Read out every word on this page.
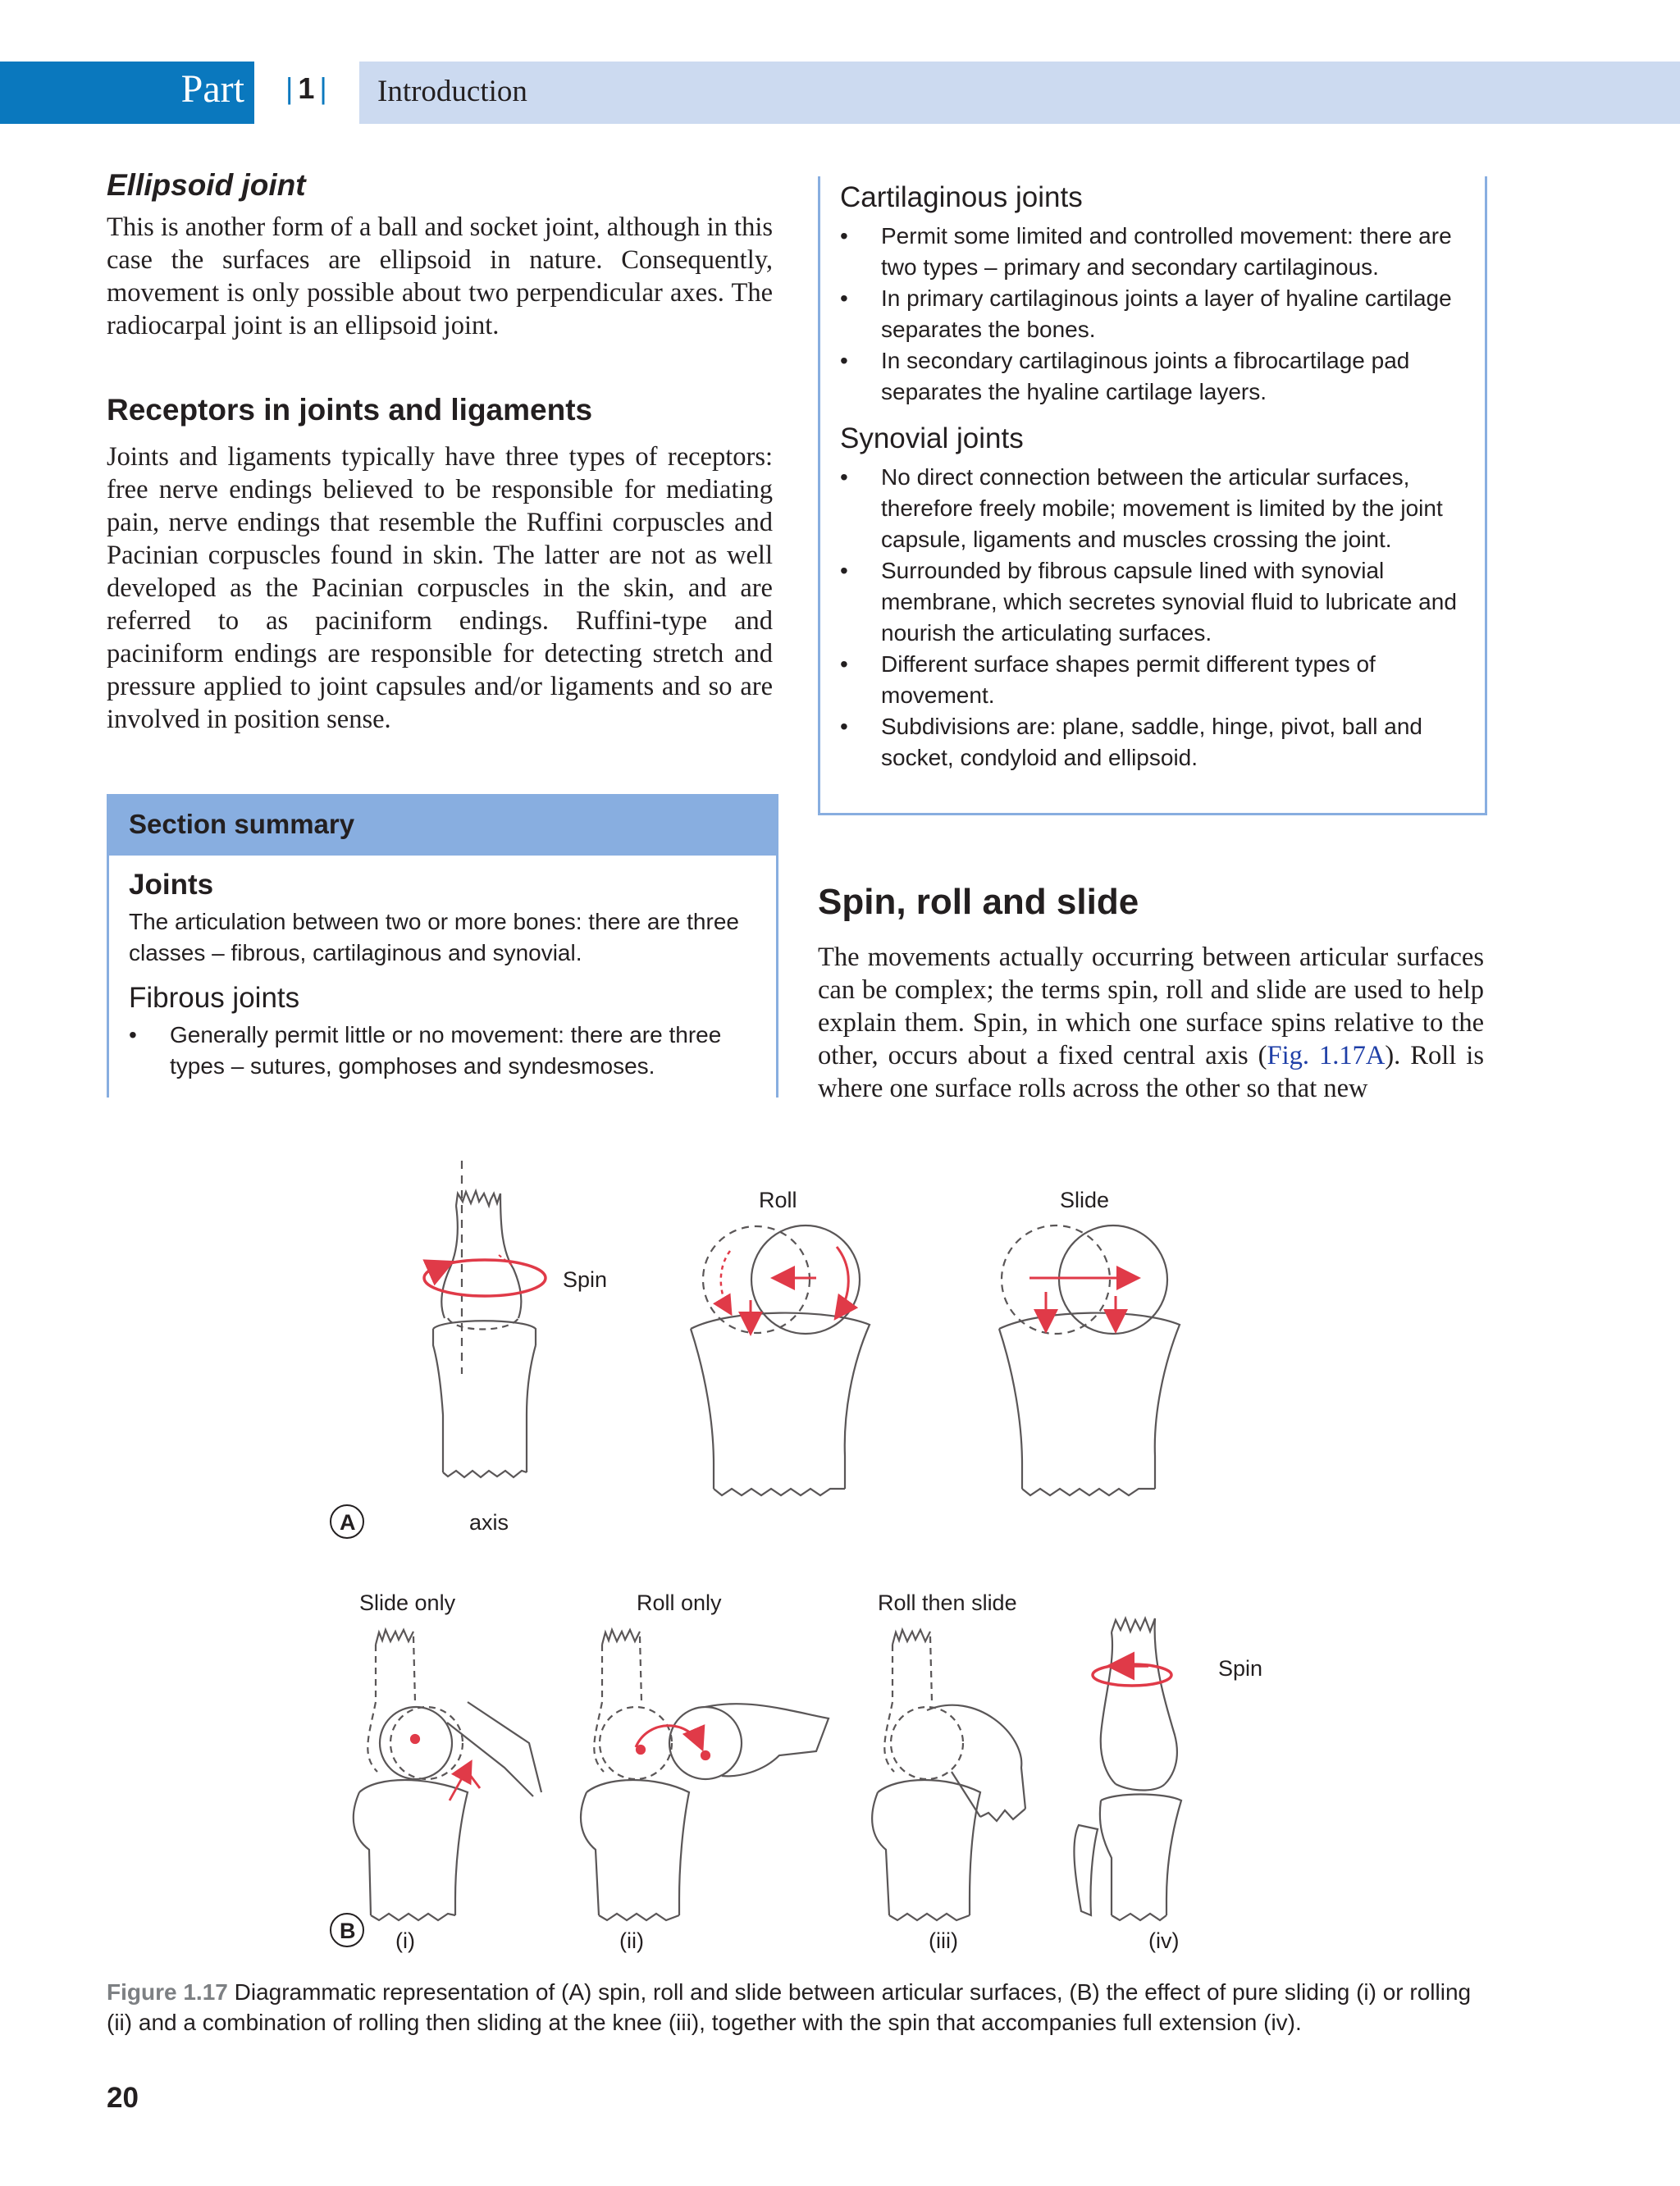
Part | 1 | Introduction
Ellipsoid joint

This is another form of a ball and socket joint, although in this case the surfaces are ellipsoid in nature. Consequently, movement is only possible about two perpendicular axes. The radiocarpal joint is an ellipsoid joint.

Receptors in joints and ligaments

Joints and ligaments typically have three types of receptors: free nerve endings believed to be responsible for mediating pain, nerve endings that resemble the Ruffini corpuscles and Pacinian corpuscles found in skin. The latter are not as well developed as the Pacinian corpuscles in the skin, and are referred to as paciniform endings. Ruffini-type and paciniform endings are responsible for detecting stretch and pressure applied to joint capsules and/or ligaments and so are involved in position sense.

Section summary
Joints

The articulation between two or more bones: there are three classes – fibrous, cartilaginous and synovial.

Fibrous joints
• Generally permit little or no movement: there are three types – sutures, gomphoses and syndesmoses.
Cartilaginous joints
• Permit some limited and controlled movement: there are two types – primary and secondary cartilaginous.
• In primary cartilaginous joints a layer of hyaline cartilage separates the bones.
• In secondary cartilaginous joints a fibrocartilage pad separates the hyaline cartilage layers.
Synovial joints
• No direct connection between the articular surfaces, therefore freely mobile; movement is limited by the joint capsule, ligaments and muscles crossing the joint.
• Surrounded by fibrous capsule lined with synovial membrane, which secretes synovial fluid to lubricate and nourish the articulating surfaces.
• Different surface shapes permit different types of movement.
• Subdivisions are: plane, saddle, hinge, pivot, ball and socket, condyloid and ellipsoid.
Spin, roll and slide

The movements actually occurring between articular surfaces can be complex; the terms spin, roll and slide are used to help explain them. Spin, in which one surface spins relative to the other, occurs about a fixed central axis (Fig. 1.17A). Roll is where one surface rolls across the other so that new

Spin
axis
Roll	Slide
A
Slide only	Roll only	Roll then slide
Spin
B (i)	(ii)	(iii)	(iv)
Figure 1.17 Diagrammatic representation of (A) spin, roll and slide between articular surfaces, (B) the effect of pure sliding (i) or rolling (ii) and a combination of rolling then sliding at the knee (iii), together with the spin that accompanies full extension (iv).
20
